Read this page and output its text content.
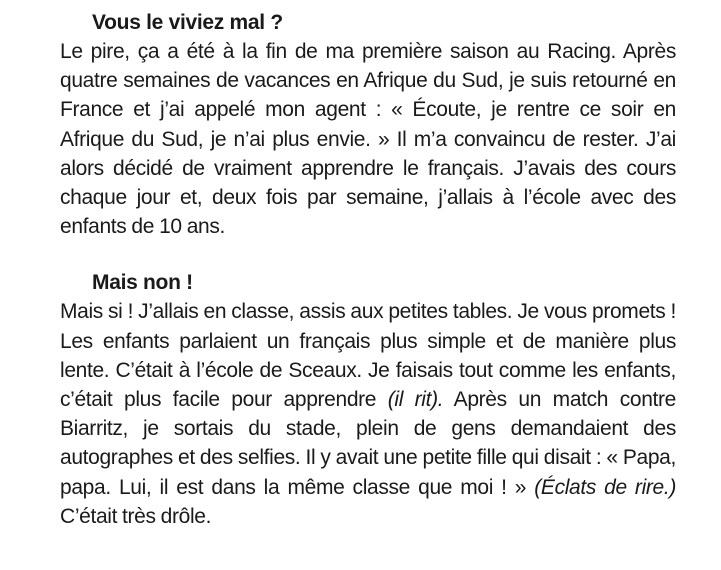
Vous le viviez mal ?

Le pire, ça a été à la fin de ma première saison au Racing. Après quatre semaines de vacances en Afrique du Sud, je suis retourné en France et j’ai appelé mon agent : « Écoute, je rentre ce soir en Afrique du Sud, je n’ai plus envie. » Il m’a convaincu de rester. J’ai alors décidé de vraiment apprendre le français. J’avais des cours chaque jour et, deux fois par semaine, j’allais à l’école avec des enfants de 10 ans.

Mais non !

Mais si ! J’allais en classe, assis aux petites tables. Je vous promets ! Les enfants parlaient un français plus simple et de manière plus lente. C’était à l’école de Sceaux. Je faisais tout comme les enfants, c’était plus facile pour apprendre (il rit). Après un match contre Biarritz, je sortais du stade, plein de gens demandaient des autographes et des selfies. Il y avait une petite fille qui disait : « Papa, papa. Lui, il est dans la même classe que moi ! » (Éclats de rire.) C’était très drôle.
